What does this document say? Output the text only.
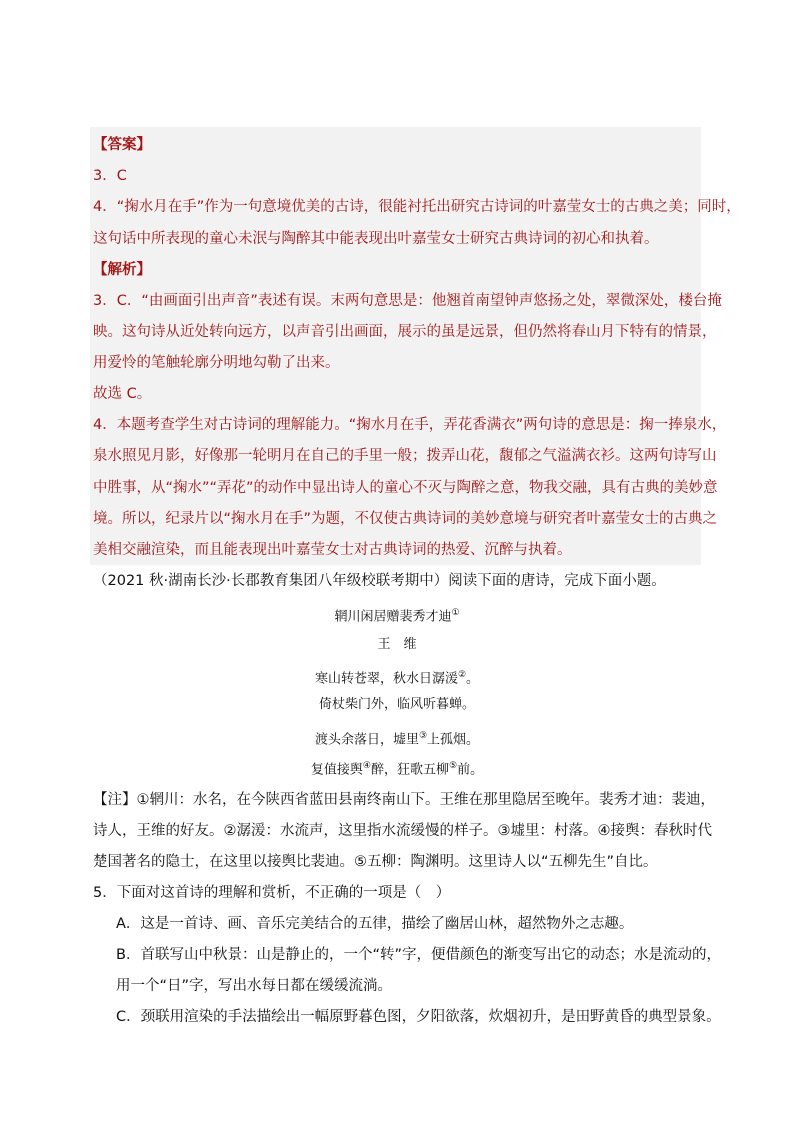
【答案】
3．C
4．“掬水月在手”作为一句意境优美的古诗，很能衬托出研究古诗词的叶嘉莹女士的古典之美；同时，
这句话中所表现的童心未泯与陶醉其中能表现出叶嘉莹女士研究古典诗词的初心和执着。
【解析】
3．C．“由画面引出声音”表述有误。末两句意思是：他翘首南望钟声悠扬之处，翠微深处，楼台掩
映。这句诗从近处转向远方，以声音引出画面，展示的虽是远景，但仍然将春山月下特有的情景，
用爱怜的笔触轮廓分明地勾勒了出来。
故选 C。
4．本题考查学生对古诗词的理解能力。“掬水月在手，弄花香满衣”两句诗的意思是：掬一捧泉水，
泉水照见月影，好像那一轮明月在自己的手里一般；拨弄山花，馥郁之气溢满衣衫。这两句诗写山
中胜事，从“掬水”“弄花”的动作中显出诗人的童心不灭与陶醉之意，物我交融，具有古典的美妙意
境。所以，纪录片以“掬水月在手”为题，不仅使古典诗词的美妙意境与研究者叶嘉莹女士的古典之
美相交融渲染，而且能表现出叶嘉莹女士对古典诗词的热爱、沉醉与执着。
（2021 秋·湖南长沙·长郡教育集团八年级校联考期中）阅读下面的唐诗，完成下面小题。
辋川闲居赠裴秀才迪①
王　维
寒山转苍翠，秋水日潺湲②。
倚杖柴门外，临风听暮蝉。
渡头余落日，墟里③上孤烟。
复值接舆④醉，狂歌五柳⑤前。
【注】①辋川：水名，在今陕西省蓝田县南终南山下。王维在那里隐居至晚年。裴秀才迪：裴迪，
诗人，王维的好友。②潺湲：水流声，这里指水流缓慢的样子。③墟里：村落。④接舆：春秋时代
楚国著名的隐士，在这里以接舆比裴迪。⑤五柳：陶渊明。这里诗人以“五柳先生”自比。
5．下面对这首诗的理解和赏析，不正确的一项是（　）
A．这是一首诗、画、音乐完美结合的五律，描绘了幽居山林，超然物外之志趣。
B．首联写山中秋景：山是静止的，一个“转”字，便借颜色的渐变写出它的动态；水是流动的，
用一个“日”字，写出水每日都在缓缓流淌。
C．颈联用渲染的手法描绘出一幅原野暮色图，夕阳欲落，炊烟初升，是田野黄昏的典型景象。
